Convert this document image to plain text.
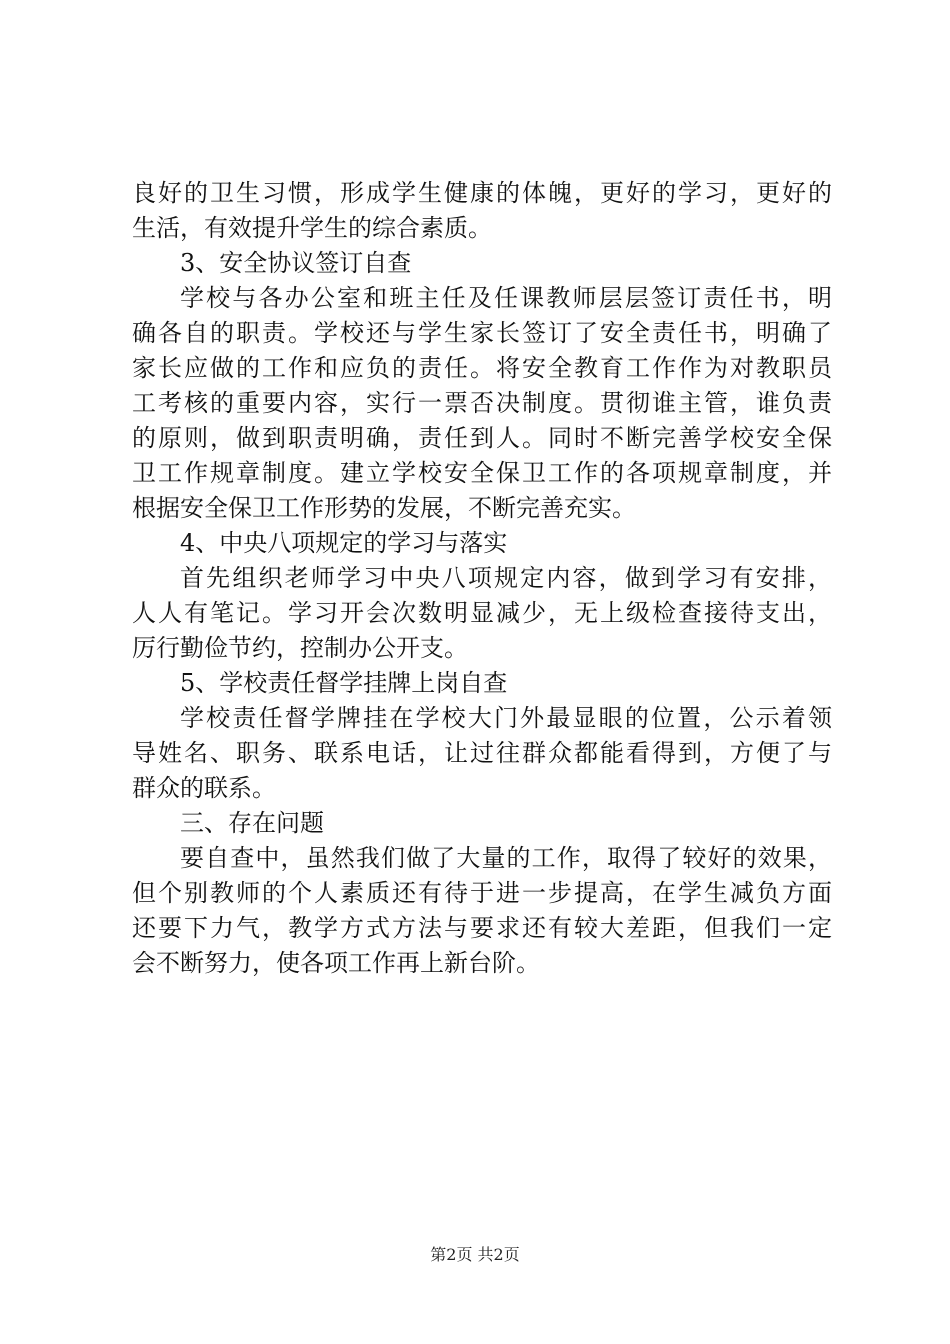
良好的卫生习惯，形成学生健康的体魄，更好的学习，更好的
生活，有效提升学生的综合素质。
3、安全协议签订自查
学校与各办公室和班主任及任课教师层层签订责任书，明
确各自的职责。学校还与学生家长签订了安全责任书，明确了
家长应做的工作和应负的责任。将安全教育工作作为对教职员
工考核的重要内容，实行一票否决制度。贯彻谁主管，谁负责
的原则，做到职责明确，责任到人。同时不断完善学校安全保
卫工作规章制度。建立学校安全保卫工作的各项规章制度，并
根据安全保卫工作形势的发展，不断完善充实。
4、中央八项规定的学习与落实
首先组织老师学习中央八项规定内容，做到学习有安排，
人人有笔记。学习开会次数明显减少，无上级检查接待支出，
厉行勤俭节约，控制办公开支。
5、学校责任督学挂牌上岗自查
学校责任督学牌挂在学校大门外最显眼的位置，公示着领
导姓名、职务、联系电话，让过往群众都能看得到，方便了与
群众的联系。
三、存在问题
要自查中，虽然我们做了大量的工作，取得了较好的效果，
但个别教师的个人素质还有待于进一步提高，在学生减负方面
还要下力气，教学方式方法与要求还有较大差距，但我们一定
会不断努力，使各项工作再上新台阶。
第2页 共2页
